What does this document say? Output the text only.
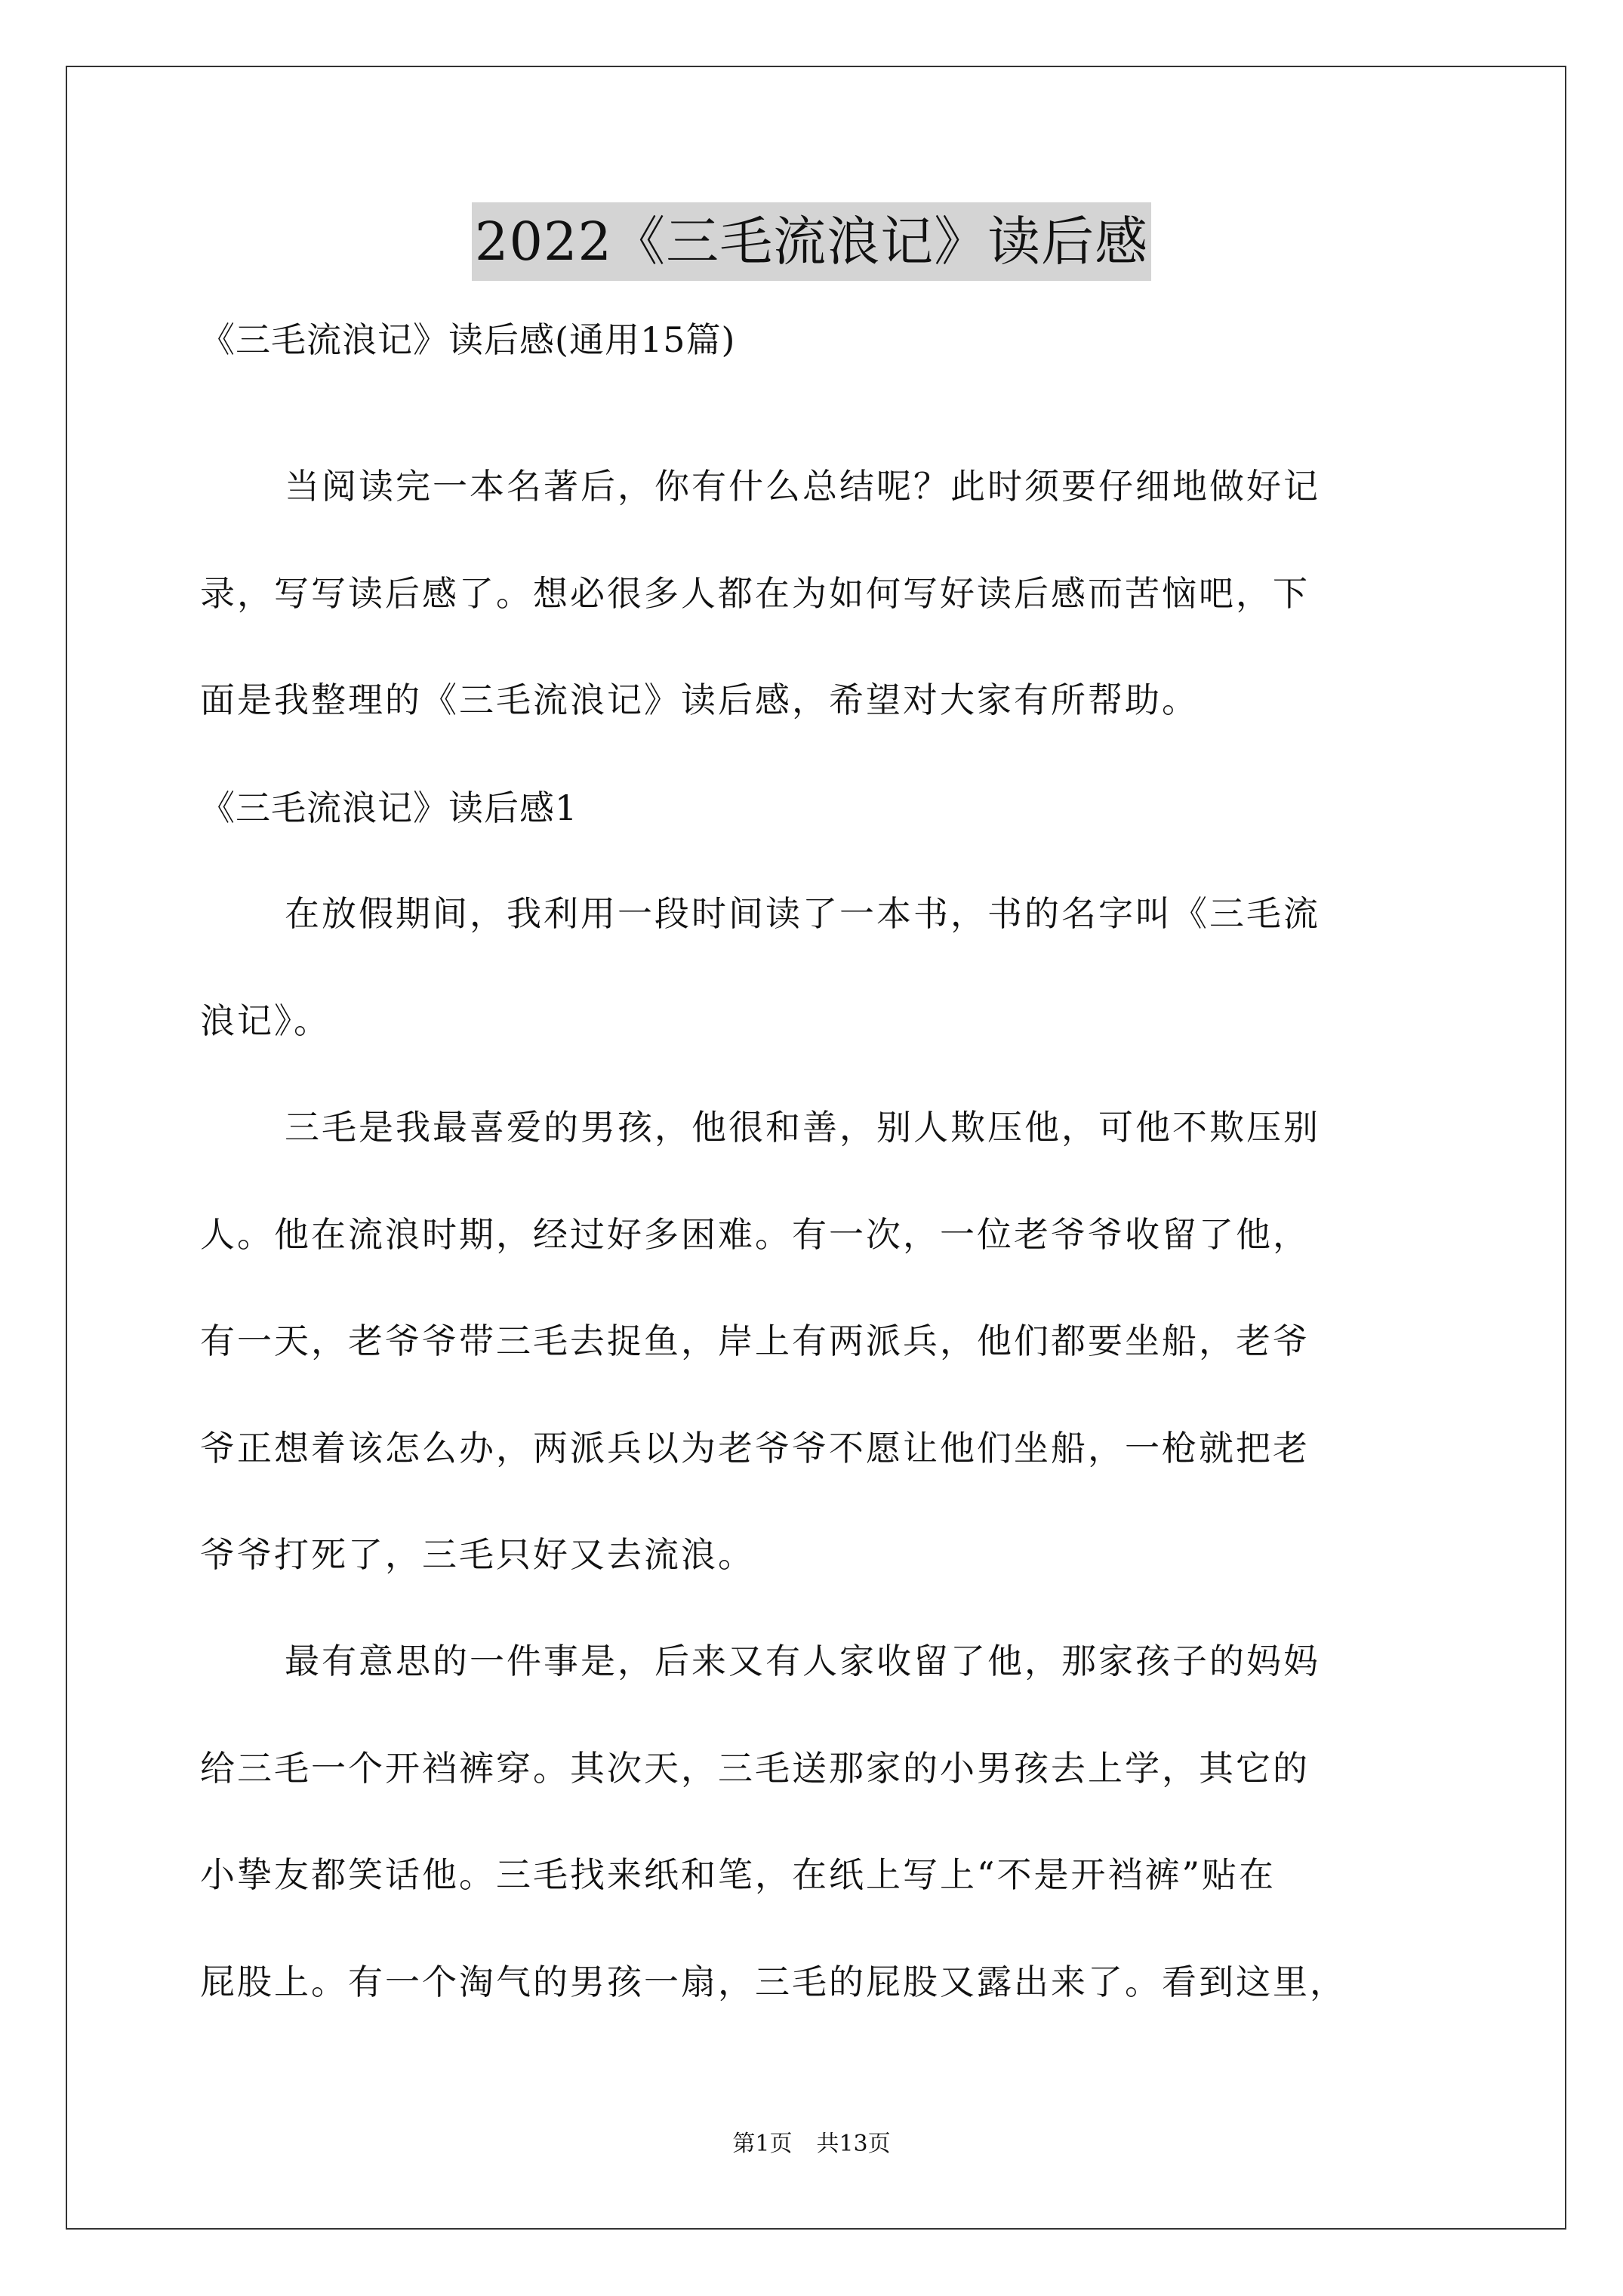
2022《三毛流浪记》读后感
《三毛流浪记》读后感(通用15篇)
当阅读完一本名著后，你有什么总结呢？此时须要仔细地做好记
录，写写读后感了。想必很多人都在为如何写好读后感而苦恼吧，下
面是我整理的《三毛流浪记》读后感，希望对大家有所帮助。
《三毛流浪记》读后感1
在放假期间，我利用一段时间读了一本书，书的名字叫《三毛流
浪记》。
三毛是我最喜爱的男孩，他很和善，别人欺压他，可他不欺压别
人。他在流浪时期，经过好多困难。有一次，一位老爷爷收留了他，
有一天，老爷爷带三毛去捉鱼，岸上有两派兵，他们都要坐船，老爷
爷正想着该怎么办，两派兵以为老爷爷不愿让他们坐船，一枪就把老
爷爷打死了，三毛只好又去流浪。
最有意思的一件事是，后来又有人家收留了他，那家孩子的妈妈
给三毛一个开裆裤穿。其次天，三毛送那家的小男孩去上学，其它的
小挚友都笑话他。三毛找来纸和笔，在纸上写上“不是开裆裤”贴在
屁股上。有一个淘气的男孩一扇，三毛的屁股又露出来了。看到这里，
第1页 共13页
